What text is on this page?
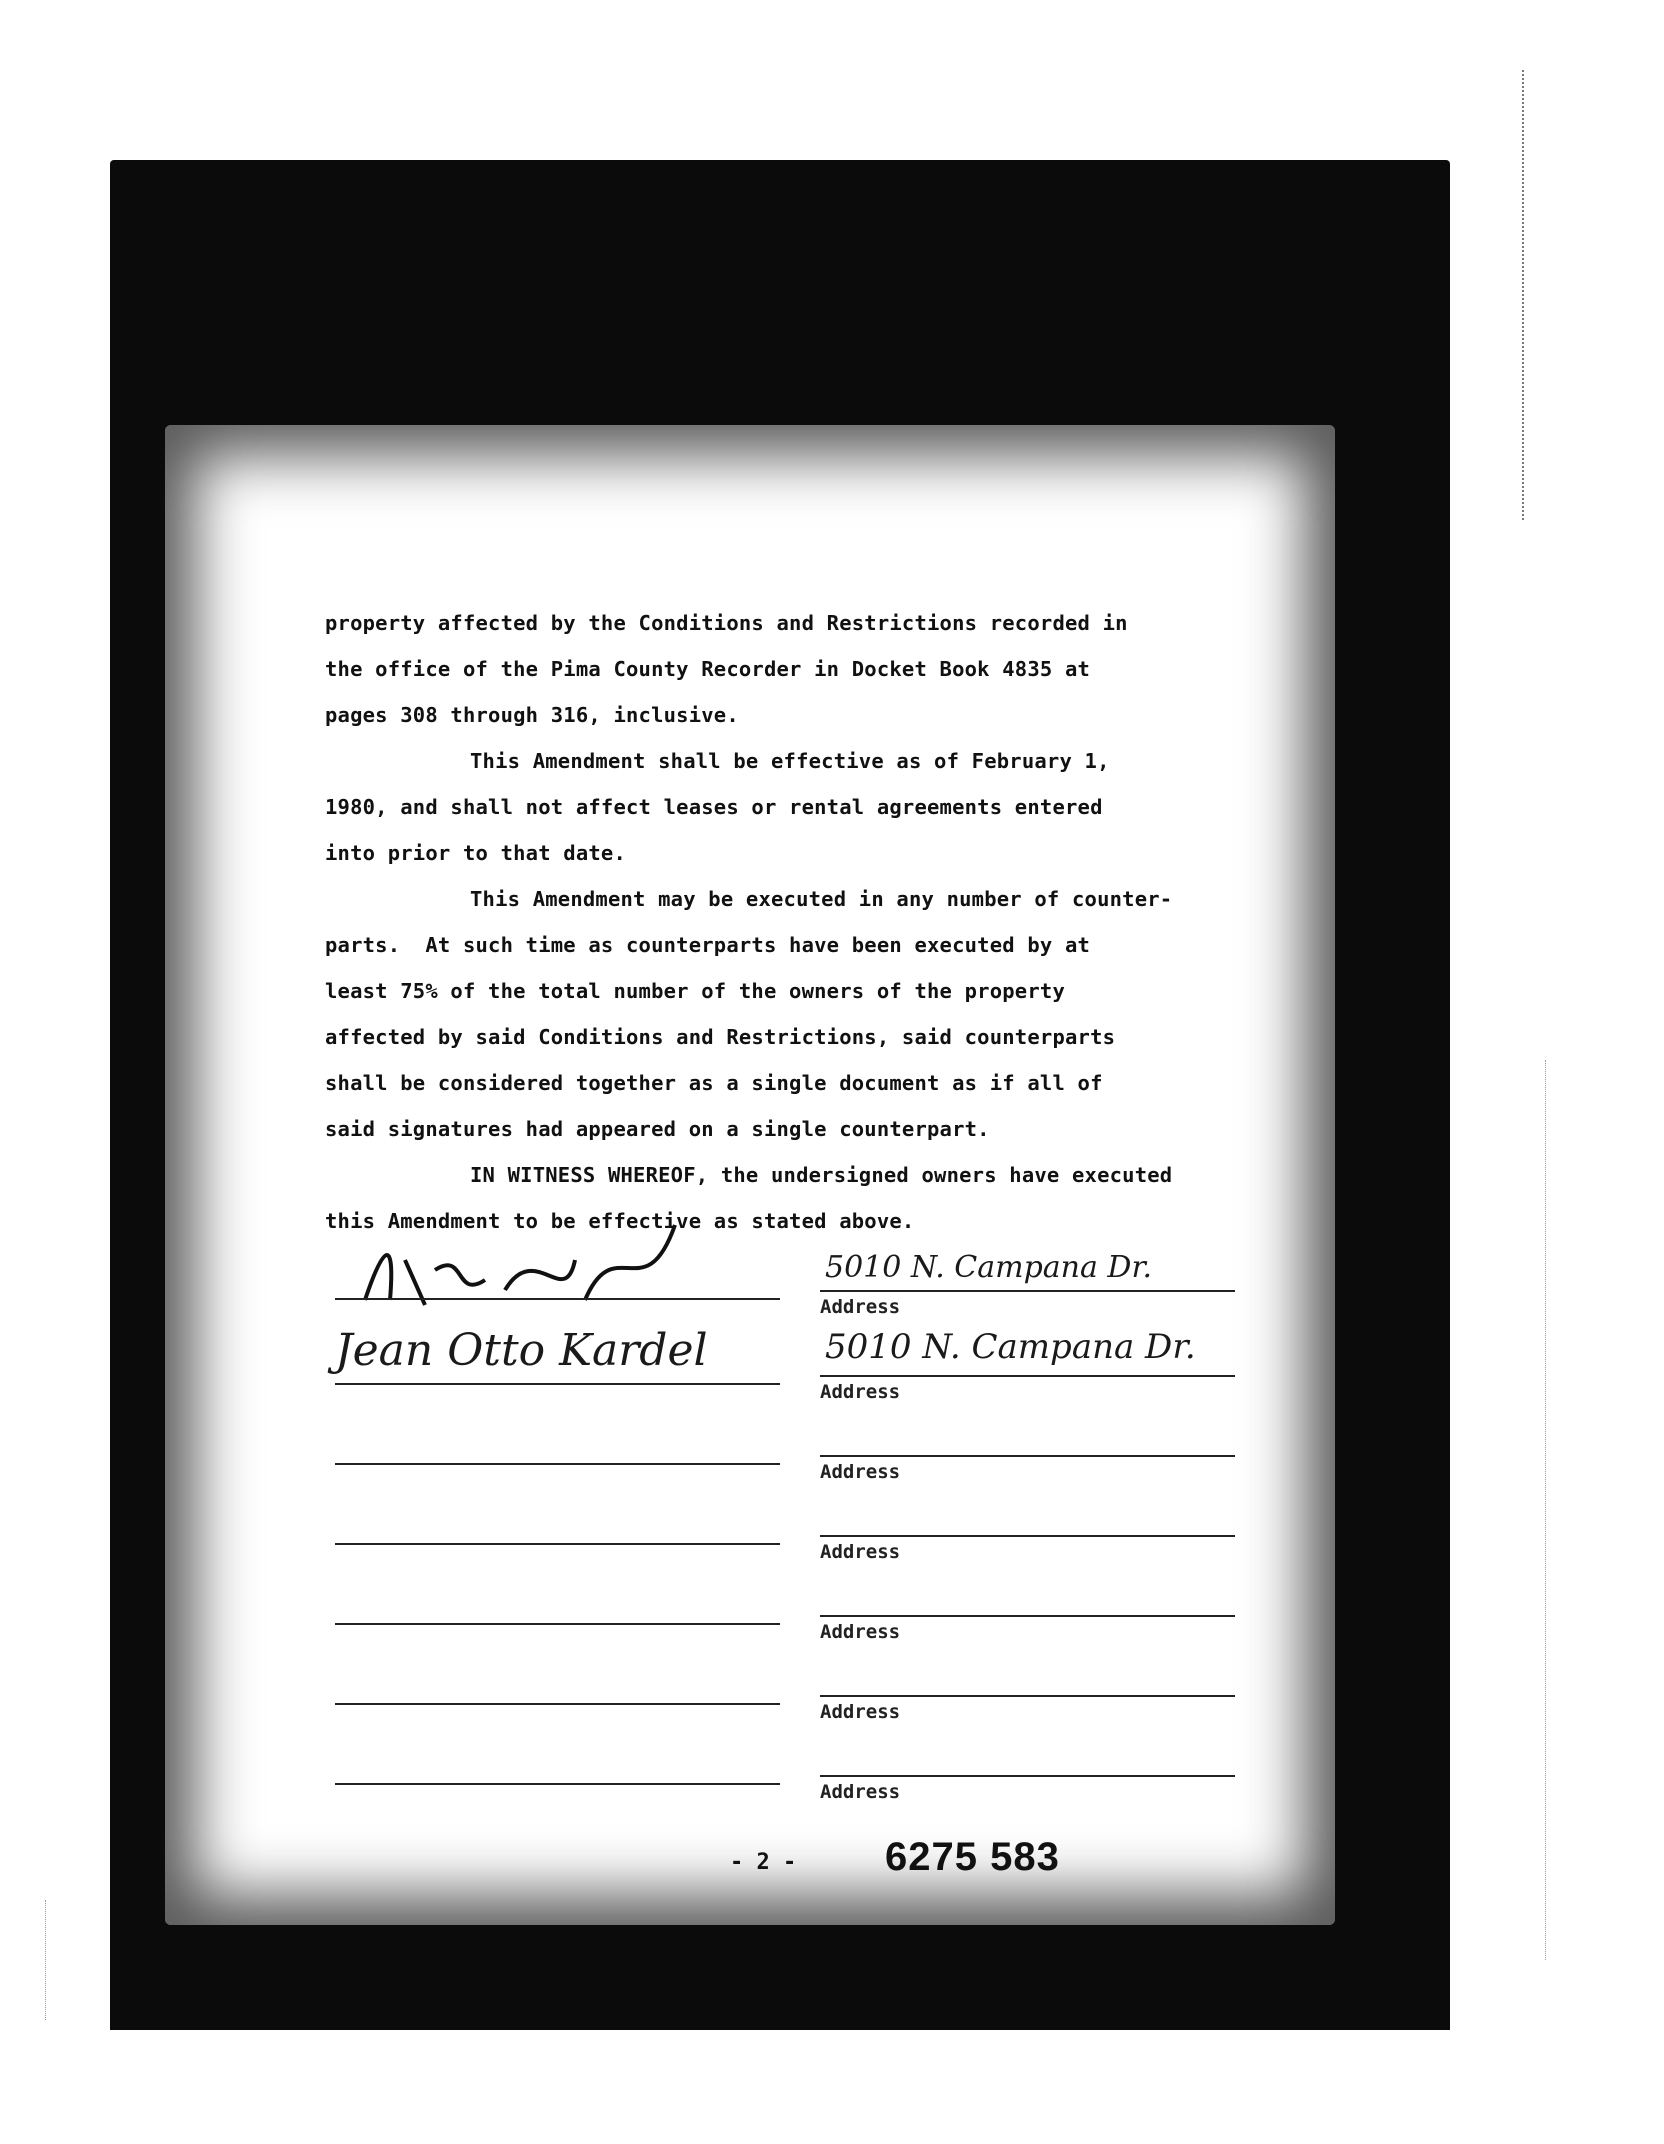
property affected by the Conditions and Restrictions recorded in
the office of the Pima County Recorder in Docket Book 4835 at
pages 308 through 316, inclusive.
This Amendment shall be effective as of February 1,
1980, and shall not affect leases or rental agreements entered
into prior to that date.
This Amendment may be executed in any number of counter-
parts.  At such time as counterparts have been executed by at
least 75% of the total number of the owners of the property
affected by said Conditions and Restrictions, said counterparts
shall be considered together as a single document as if all of
said signatures had appeared on a single counterpart.
IN WITNESS WHEREOF, the undersigned owners have executed
this Amendment to be effective as stated above.
5010 N. Campana Dr.
Address
Jean Otto Kardel	5010 N. Campana Dr.
Address
Address
Address
Address
Address
Address
- 2 - 6275 583
